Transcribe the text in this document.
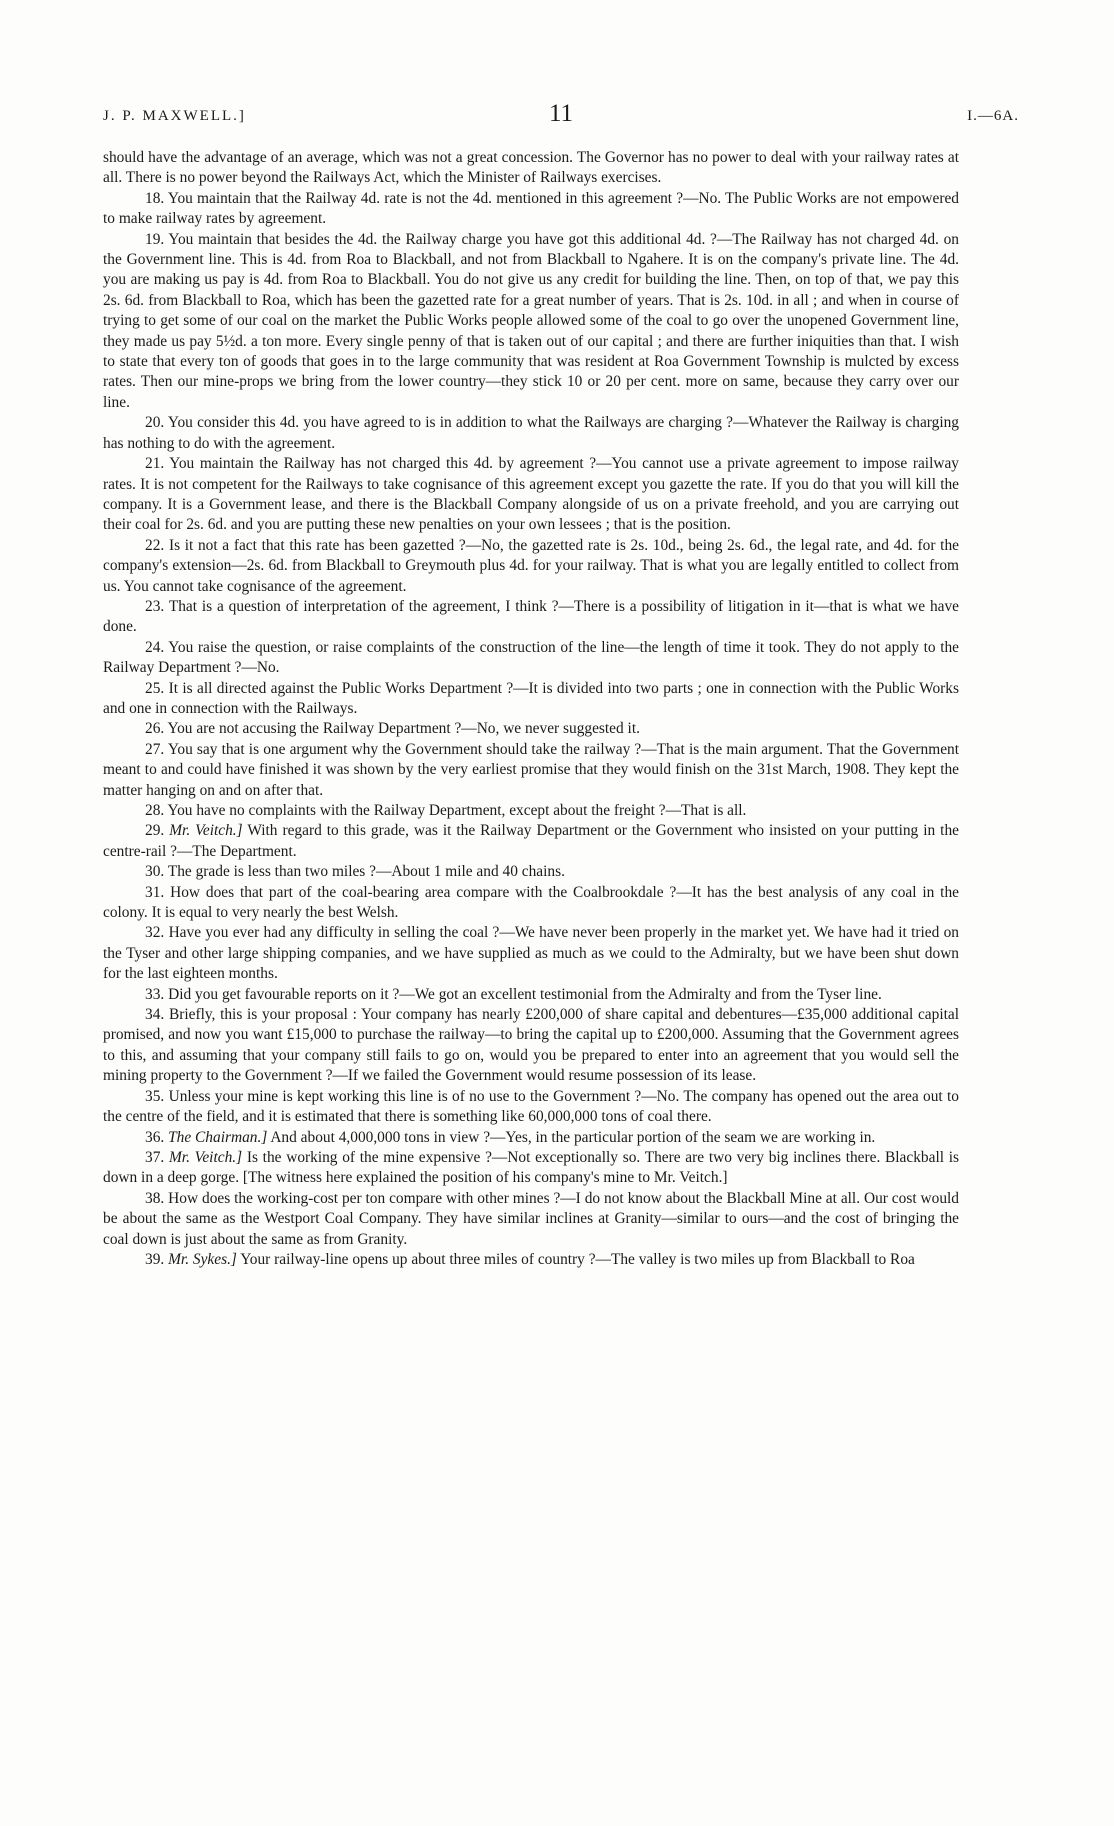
J. P. MAXWELL.]	11	I.—6A.

should have the advantage of an average, which was not a great concession. The Governor has no power to deal with your railway rates at all. There is no power beyond the Railways Act, which the Minister of Railways exercises.

18. You maintain that the Railway 4d. rate is not the 4d. mentioned in this agreement ?—No. The Public Works are not empowered to make railway rates by agreement.

19. You maintain that besides the 4d. the Railway charge you have got this additional 4d. ?—The Railway has not charged 4d. on the Government line. This is 4d. from Roa to Blackball, and not from Blackball to Ngahere. It is on the company's private line. The 4d. you are making us pay is 4d. from Roa to Blackball. You do not give us any credit for building the line. Then, on top of that, we pay this 2s. 6d. from Blackball to Roa, which has been the gazetted rate for a great number of years. That is 2s. 10d. in all ; and when in course of trying to get some of our coal on the market the Public Works people allowed some of the coal to go over the unopened Government line, they made us pay 5½d. a ton more. Every single penny of that is taken out of our capital ; and there are further iniquities than that. I wish to state that every ton of goods that goes in to the large community that was resident at Roa Government Township is mulcted by excess rates. Then our mine-props we bring from the lower country—they stick 10 or 20 per cent. more on same, because they carry over our line.

20. You consider this 4d. you have agreed to is in addition to what the Railways are charging ?—Whatever the Railway is charging has nothing to do with the agreement.

21. You maintain the Railway has not charged this 4d. by agreement ?—You cannot use a private agreement to impose railway rates. It is not competent for the Railways to take cognisance of this agreement except you gazette the rate. If you do that you will kill the company. It is a Government lease, and there is the Blackball Company alongside of us on a private freehold, and you are carrying out their coal for 2s. 6d. and you are putting these new penalties on your own lessees ; that is the position.

22. Is it not a fact that this rate has been gazetted ?—No, the gazetted rate is 2s. 10d., being 2s. 6d., the legal rate, and 4d. for the company's extension—2s. 6d. from Blackball to Greymouth plus 4d. for your railway. That is what you are legally entitled to collect from us. You cannot take cognisance of the agreement.

23. That is a question of interpretation of the agreement, I think ?—There is a possibility of litigation in it—that is what we have done.

24. You raise the question, or raise complaints of the construction of the line—the length of time it took. They do not apply to the Railway Department ?—No.

25. It is all directed against the Public Works Department ?—It is divided into two parts ; one in connection with the Public Works and one in connection with the Railways.

26. You are not accusing the Railway Department ?—No, we never suggested it.

27. You say that is one argument why the Government should take the railway ?—That is the main argument. That the Government meant to and could have finished it was shown by the very earliest promise that they would finish on the 31st March, 1908. They kept the matter hanging on and on after that.

28. You have no complaints with the Railway Department, except about the freight ?—That is all.

29. Mr. Veitch.] With regard to this grade, was it the Railway Department or the Government who insisted on your putting in the centre-rail ?—The Department.

30. The grade is less than two miles ?—About 1 mile and 40 chains.

31. How does that part of the coal-bearing area compare with the Coalbrookdale ?—It has the best analysis of any coal in the colony. It is equal to very nearly the best Welsh.

32. Have you ever had any difficulty in selling the coal ?—We have never been properly in the market yet. We have had it tried on the Tyser and other large shipping companies, and we have supplied as much as we could to the Admiralty, but we have been shut down for the last eighteen months.

33. Did you get favourable reports on it ?—We got an excellent testimonial from the Admiralty and from the Tyser line.

34. Briefly, this is your proposal : Your company has nearly £200,000 of share capital and debentures—£35,000 additional capital promised, and now you want £15,000 to purchase the railway—to bring the capital up to £200,000. Assuming that the Government agrees to this, and assuming that your company still fails to go on, would you be prepared to enter into an agreement that you would sell the mining property to the Government ?—If we failed the Government would resume possession of its lease.

35. Unless your mine is kept working this line is of no use to the Government ?—No. The company has opened out the area out to the centre of the field, and it is estimated that there is something like 60,000,000 tons of coal there.

36. The Chairman.] And about 4,000,000 tons in view ?—Yes, in the particular portion of the seam we are working in.

37. Mr. Veitch.] Is the working of the mine expensive ?—Not exceptionally so. There are two very big inclines there. Blackball is down in a deep gorge. [The witness here explained the position of his company's mine to Mr. Veitch.]

38. How does the working-cost per ton compare with other mines ?—I do not know about the Blackball Mine at all. Our cost would be about the same as the Westport Coal Company. They have similar inclines at Granity—similar to ours—and the cost of bringing the coal down is just about the same as from Granity.

39. Mr. Sykes.] Your railway-line opens up about three miles of country ?—The valley is two miles up from Blackball to Roa
